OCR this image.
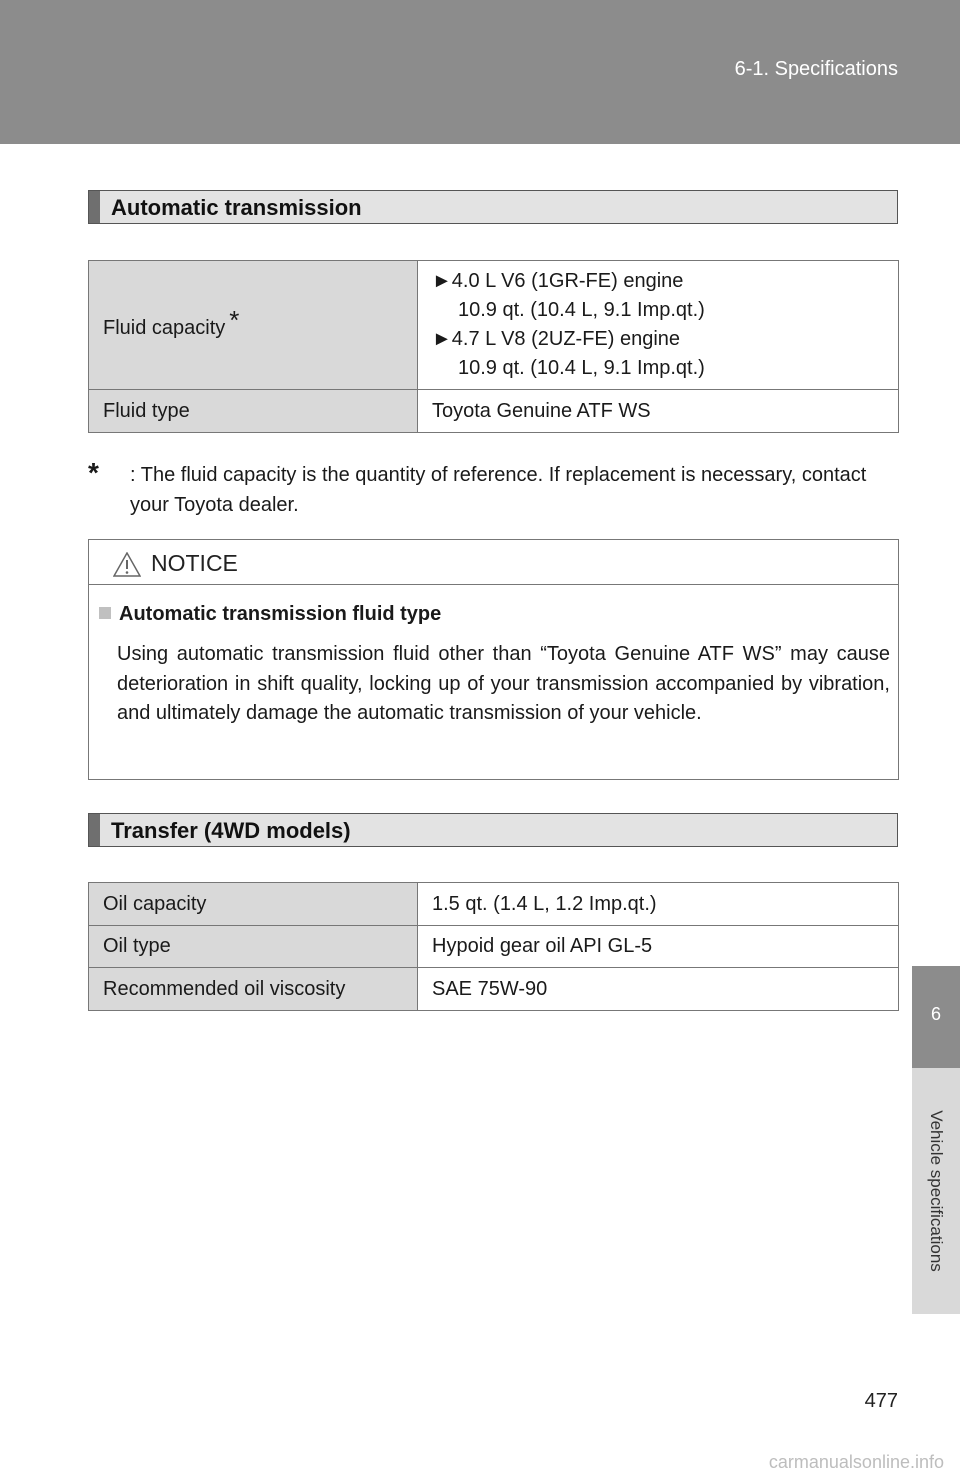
6-1. Specifications
6
Vehicle specifications
Automatic transmission
Fluid capacity *	►4.0 L V6 (1GR-FE) engine
10.9 qt. (10.4 L, 9.1 Imp.qt.)
►4.7 L V8 (2UZ-FE) engine
10.9 qt. (10.4 L, 9.1 Imp.qt.)

Fluid type	Toyota Genuine ATF WS
* : The fluid capacity is the quantity of reference. If replacement is necessary, contact your Toyota dealer.
NOTICE
Automatic transmission fluid type
Using automatic transmission fluid other than “Toyota Genuine ATF WS” may cause deterioration in shift quality, locking up of your transmission accompanied by vibration, and ultimately damage the automatic transmission of your vehicle.
Transfer (4WD models)
Oil capacity	1.5 qt. (1.4 L, 1.2 Imp.qt.)
Oil type	Hypoid gear oil API GL-5
Recommended oil viscosity	SAE 75W-90
477
carmanualsonline.info
